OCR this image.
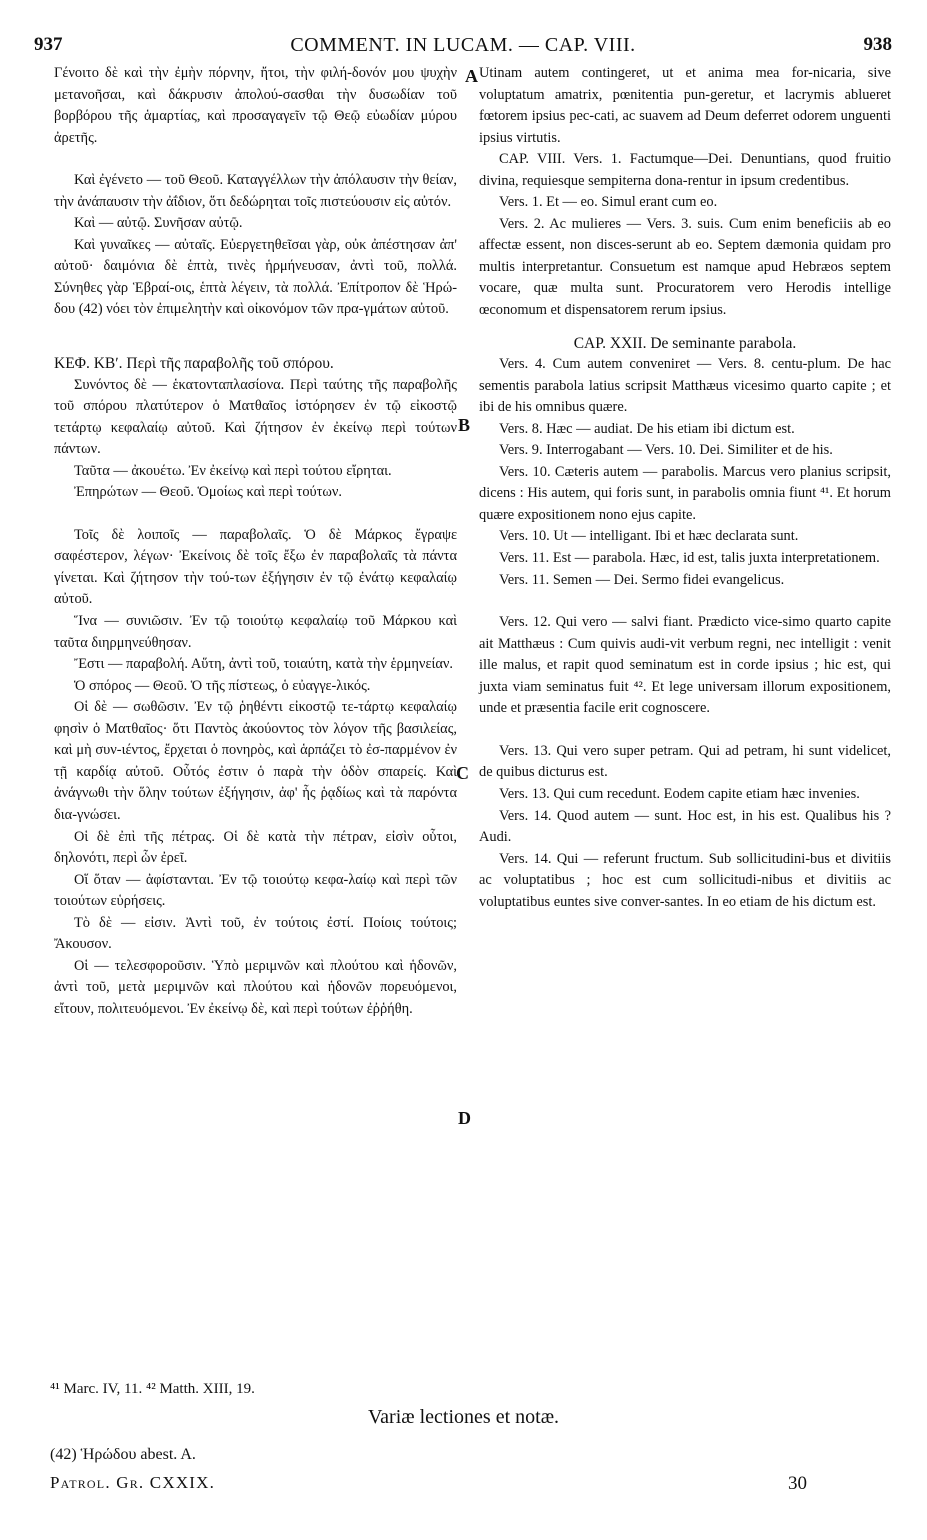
937	COMMENT. IN LUCAM. — CAP. VIII.	938

Γένοιτο δὲ καὶ τὴν ἐμὴν πόρνην, ἤτοι, τὴν φιλή-δονόν μου ψυχὴν μετανοῆσαι, καὶ δάκρυσιν ἀπολού-σασθαι τὴν δυσωδίαν τοῦ βορβόρου τῆς ἁμαρτίας, καὶ προσαγαγεῖν τῷ Θεῷ εὐωδίαν μύρου ἀρετῆς.

Καὶ ἐγένετο — τοῦ Θεοῦ. Καταγγέλλων τὴν ἀπόλαυσιν τὴν θείαν, τὴν ἀνάπαυσιν τὴν ἀΐδιον, ὅτι δεδώρηται τοῖς πιστεύουσιν εἰς αὐτόν.

Καὶ — αὐτῷ. Συνῆσαν αὐτῷ.

Καὶ γυναῖκες — αὐταῖς. Εὐεργετηθεῖσαι γὰρ, οὐκ ἀπέστησαν ἀπ' αὐτοῦ· δαιμόνια δὲ ἑπτὰ, τινὲς ἡρμήνευσαν, ἀντὶ τοῦ, πολλά. Σύνηθες γὰρ Ἑβραί-οις, ἑπτὰ λέγειν, τὰ πολλά. Ἐπίτροπον δὲ Ἡρώ-δου (42) νόει τὸν ἐπιμελητὴν καὶ οἰκονόμον τῶν πρα-γμάτων αὐτοῦ.

ΚΕΦ. ΚΒʹ. Περὶ τῆς παραβολῆς τοῦ σπόρου.

Συνόντος δὲ — ἑκατονταπλασίονα. Περὶ ταύτης τῆς παραβολῆς τοῦ σπόρου πλατύτερον ὁ Ματθαῖος ἱστόρησεν ἐν τῷ εἰκοστῷ τετάρτῳ κεφαλαίῳ αὐτοῦ. Καὶ ζήτησον ἐν ἐκείνῳ περὶ τούτων πάντων.

Ταῦτα — ἀκουέτω. Ἐν ἐκείνῳ καὶ περὶ τούτου εἴρηται.

Ἐπηρώτων — Θεοῦ. Ὁμοίως καὶ περὶ τούτων.

Τοῖς δὲ λοιποῖς — παραβολαῖς. Ὁ δὲ Μάρκος ἔγραψε σαφέστερον, λέγων· Ἐκείνοις δὲ τοῖς ἔξω ἐν παραβολαῖς τὰ πάντα γίνεται. Καὶ ζήτησον τὴν τού-των ἐξήγησιν ἐν τῷ ἐνάτῳ κεφαλαίῳ αὐτοῦ.

Ἵνα — συνιῶσιν. Ἐν τῷ τοιούτῳ κεφαλαίῳ τοῦ Μάρκου καὶ ταῦτα διηρμηνεύθησαν.

Ἔστι — παραβολή. Αὕτη, ἀντὶ τοῦ, τοιαύτη, κατὰ τὴν ἑρμηνείαν.

Ὁ σπόρος — Θεοῦ. Ὁ τῆς πίστεως, ὁ εὐαγγε-λικός.

Οἱ δὲ — σωθῶσιν. Ἐν τῷ ῥηθέντι εἰκοστῷ τε-τάρτῳ κεφαλαίῳ φησὶν ὁ Ματθαῖος· ὅτι Παντὸς ἀκούοντος τὸν λόγον τῆς βασιλείας, καὶ μὴ συν-ιέντος, ἔρχεται ὁ πονηρὸς, καὶ ἁρπάζει τὸ ἐσ-παρμένον ἐν τῇ καρδίᾳ αὐτοῦ. Οὗτός ἐστιν ὁ παρὰ τὴν ὁδὸν σπαρείς. Καὶ ἀνάγνωθι τὴν ὅλην τούτων ἐξήγησιν, ἀφ' ἧς ῥᾳδίως καὶ τὰ παρόντα δια-γνώσει.

Οἱ δὲ ἐπὶ τῆς πέτρας. Οἱ δὲ κατὰ τὴν πέτραν, εἰσὶν οὗτοι, δηλονότι, περὶ ὧν ἐρεῖ.

Οἵ ὅταν — ἀφίστανται. Ἐν τῷ τοιούτῳ κεφα-λαίῳ καὶ περὶ τῶν τοιούτων εὑρήσεις.

Τὸ δὲ — εἰσιν. Ἀντὶ τοῦ, ἐν τούτοις ἐστί. Ποίοις τούτοις; Ἄκουσον.

Οἱ — τελεσφοροῦσιν. Ὑπὸ μεριμνῶν καὶ πλούτου καὶ ἡδονῶν, ἀντὶ τοῦ, μετὰ μεριμνῶν καὶ πλούτου καὶ ἡδονῶν πορευόμενοι, εἴτουν, πολιτευόμενοι. Ἐν ἐκείνῳ δὲ, καὶ περὶ τούτων ἐῤῥήθη.

Utinam autem contingeret, ut et anima mea for-nicaria, sive voluptatum amatrix, pœnitentia pun-geretur, et lacrymis ablueret fœtorem ipsius pec-cati, ac suavem ad Deum deferret odorem unguenti ipsius virtutis.

CAP. VIII. Vers. 1. Factumque—Dei. Denuntians, quod fruitio divina, requiesque sempiterna dona-rentur in ipsum credentibus.

Vers. 1. Et — eo. Simul erant cum eo.

Vers. 2. Ac mulieres — Vers. 3. suis. Cum enim beneficiis ab eo affectæ essent, non disces-serunt ab eo. Septem dæmonia quidam pro multis interpretantur. Consuetum est namque apud Hebræos septem vocare, quæ multa sunt. Procuratorem vero Herodis intellige œconomum et dispensatorem rerum ipsius.

CAP. XXII. De seminante parabola.

Vers. 4. Cum autem conveniret — Vers. 8. centu-plum. De hac sementis parabola latius scripsit Matthæus vicesimo quarto capite ; et ibi de his omnibus quære.

Vers. 8. Hæc — audiat. De his etiam ibi dictum est.

Vers. 9. Interrogabant — Vers. 10. Dei. Similiter et de his.

Vers. 10. Cæteris autem — parabolis. Marcus vero planius scripsit, dicens : His autem, qui foris sunt, in parabolis omnia fiunt ⁴¹. Et horum quære expositionem nono ejus capite.

Vers. 10. Ut — intelligant. Ibi et hæc declarata sunt.

Vers. 11. Est — parabola. Hæc, id est, talis juxta interpretationem.

Vers. 11. Semen — Dei. Sermo fidei evangelicus.

Vers. 12. Qui vero — salvi fiant. Prædicto vice-simo quarto capite ait Matthæus : Cum quivis audi-vit verbum regni, nec intelligit : venit ille malus, et rapit quod seminatum est in corde ipsius ; hic est, qui juxta viam seminatus fuit ⁴². Et lege universam illorum expositionem, unde et præsentia facile erit cognoscere.

Vers. 13. Qui vero super petram. Qui ad petram, hi sunt videlicet, de quibus dicturus est.

Vers. 13. Qui cum recedunt. Eodem capite etiam hæc invenies.

Vers. 14. Quod autem — sunt. Hoc est, in his est. Qualibus his ? Audi.

Vers. 14. Qui — referunt fructum. Sub sollicitudini-bus et divitiis ac voluptatibus ; hoc est cum sollicitudi-nibus et divitiis ac voluptatibus euntes sive conver-santes. In eo etiam de his dictum est.

A
B
C
D
⁴¹ Marc. IV, 11. ⁴² Matth. XIII, 19.
Variæ lectiones et notæ.
(42) Ἡρώδου abest. A.
Patrol. Gr. CXXIX.	30
